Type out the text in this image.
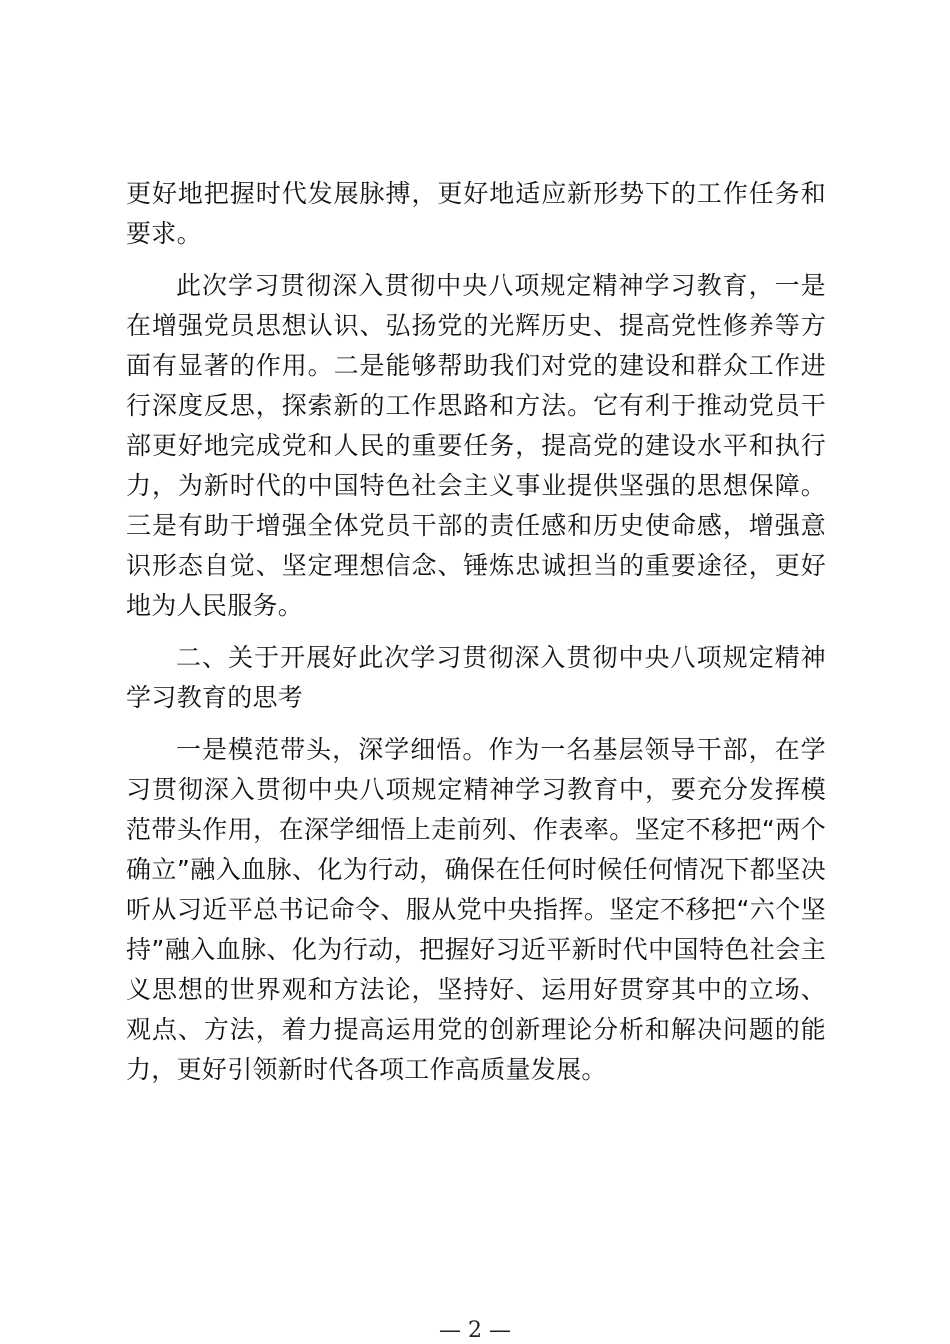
更好地把握时代发展脉搏，更好地适应新形势下的工作任务和要求。

此次学习贯彻深入贯彻中央八项规定精神学习教育，一是在增强党员思想认识、弘扬党的光辉历史、提高党性修养等方面有显著的作用。二是能够帮助我们对党的建设和群众工作进行深度反思，探索新的工作思路和方法。它有利于推动党员干部更好地完成党和人民的重要任务，提高党的建设水平和执行力，为新时代的中国特色社会主义事业提供坚强的思想保障。三是有助于增强全体党员干部的责任感和历史使命感，增强意识形态自觉、坚定理想信念、锤炼忠诚担当的重要途径，更好地为人民服务。

二、关于开展好此次学习贯彻深入贯彻中央八项规定精神学习教育的思考

一是模范带头，深学细悟。作为一名基层领导干部，在学习贯彻深入贯彻中央八项规定精神学习教育中，要充分发挥模范带头作用，在深学细悟上走前列、作表率。坚定不移把“两个确立”融入血脉、化为行动，确保在任何时候任何情况下都坚决听从习近平总书记命令、服从党中央指挥。坚定不移把“六个坚持”融入血脉、化为行动，把握好习近平新时代中国特色社会主义思想的世界观和方法论，坚持好、运用好贯穿其中的立场、观点、方法，着力提高运用党的创新理论分析和解决问题的能力，更好引领新时代各项工作高质量发展。

— 2 —
